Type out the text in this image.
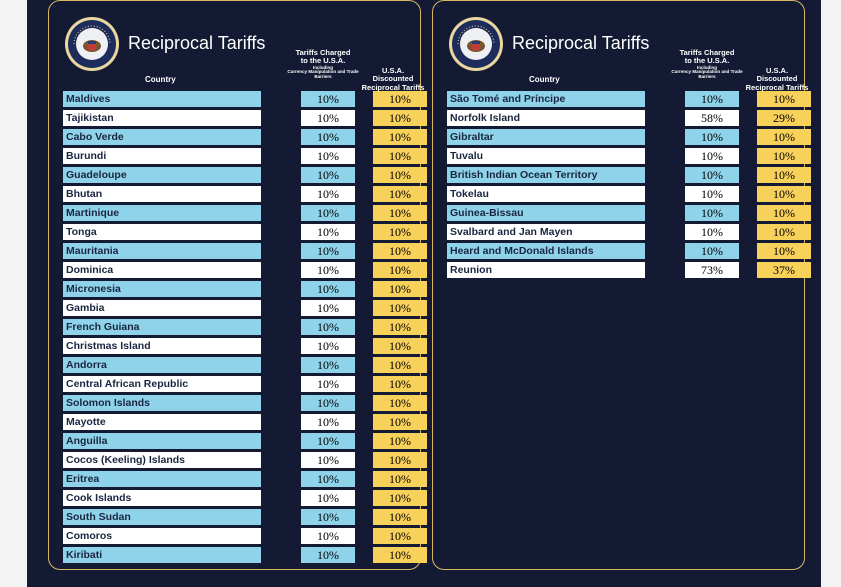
Reciprocal Tariffs	Tariffs Charged
to the U.S.A.
Including
Currency Manipulation and Trade Barriers
U.S.A. Discounted
Reciprocal Tariffs
Country
Maldives	10%	10%
Tajikistan	10%	10%
Cabo Verde	10%	10%
Burundi	10%	10%
Guadeloupe	10%	10%
Bhutan	10%	10%
Martinique	10%	10%
Tonga	10%	10%
Mauritania	10%	10%
Dominica	10%	10%
Micronesia	10%	10%
Gambia	10%	10%
French Guiana	10%	10%
Christmas Island	10%	10%
Andorra	10%	10%
Central African Republic	10%	10%
Solomon Islands	10%	10%
Mayotte	10%	10%
Anguilla	10%	10%
Cocos (Keeling) Islands	10%	10%
Eritrea	10%	10%
Cook Islands	10%	10%
South Sudan	10%	10%
Comoros	10%	10%
Kiribati	10%	10%
Reciprocal Tariffs	Tariffs Charged
to the U.S.A.
Including
Currency Manipulation and Trade Barriers
U.S.A. Discounted
Reciprocal Tariffs
Country
São Tomé and Príncipe	10%	10%
Norfolk Island	58%	29%
Gibraltar	10%	10%
Tuvalu	10%	10%
British Indian Ocean Territory	10%	10%
Tokelau	10%	10%
Guinea-Bissau	10%	10%
Svalbard and Jan Mayen	10%	10%
Heard and McDonald Islands	10%	10%
Reunion	73%	37%
